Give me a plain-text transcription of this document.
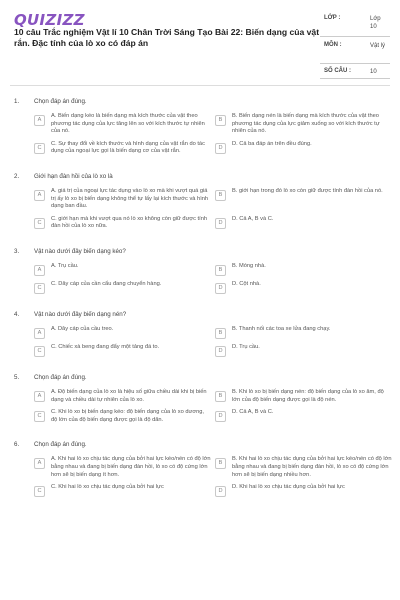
QUIZIZZ
10 câu Trắc nghiệm Vật lí 10 Chân Trời Sáng Tạo Bài 22: Biến dạng của vật rắn. Đặc tính của lò xo có đáp án
LỚP :	Lớp 10
MÔN :	Vật lý
SỐ CÂU :	10
1. Chọn đáp án đúng.
A
A. Biến dạng kéo là biến dạng mà kích thước của vật theo phương tác dụng của lực tăng lên so với kích thước tự nhiên của nó.
B
B. Biến dạng nén là biến dạng mà kích thước của vật theo phương tác dụng của lực giảm xuống so với kích thước tự nhiên của nó.
C
C. Sự thay đổi về kích thước và hình dạng của vật rắn do tác dụng của ngoại lực gọi là biến dạng cơ của vật rắn.
D
D. Cả ba đáp án trên đều đúng.
2. Giới hạn đàn hồi của lò xo là
A
A. giá trị của ngoại lực tác dụng vào lò xo mà khi vượt quá giá trị ấy lò xo bị biến dạng không thể tự lấy lại kích thước và hình dạng ban đầu.
B
B. giới hạn trong đó lò xo còn giữ được tính đàn hồi của nó.
C
C. giới hạn mà khi vượt qua nó lò xo không còn giữ được tính đàn hồi của lò xo nữa.
D
D. Cả A, B và C.
3. Vật nào dưới đây biến dạng kéo?
A
A. Trụ cầu.
B
B. Móng nhà.
C
C. Dây cáp của cần cẩu đang chuyển hàng.
D
D. Cột nhà.
4. Vật nào dưới đây biến dạng nén?
A
A. Dây cáp của cầu treo.
B
B. Thanh nối các toa xe lửa đang chạy.
C
C. Chiếc xà beng đang đẩy một tảng đá to.
D
D. Trụ cầu.
5. Chọn đáp án đúng.
A
A. Độ biến dạng của lò xo là hiệu số giữa chiều dài khi bị biến dạng và chiều dài tự nhiên của lò xo.
B
B. Khi lò xo bị biến dạng nén: độ biến dạng của lò xo âm, độ lớn của độ biến dạng được gọi là độ nén.
C
C. Khi lò xo bị biến dạng kéo: độ biến dạng của lò xo dương, độ lớn của độ biến dạng được gọi là độ dãn.
D
D. Cả A, B và C.
6. Chọn đáp án đúng.
A
A. Khi hai lò xo chịu tác dụng của bởi hai lực kéo/nén có độ lớn bằng nhau và đang bị biến dạng đàn hồi, lò xo có độ cứng lớn hơn sẽ bị biến dạng ít hơn.
B
B. Khi hai lò xo chịu tác dụng của bởi hai lực kéo/nén có độ lớn bằng nhau và đang bị biến dạng đàn hồi, lò xo có độ cứng lớn hơn sẽ bị biến dạng nhiều hơn.
C
C. Khi hai lò xo chịu tác dụng của bởi hai lực
D
D. Khi hai lò xo chịu tác dụng của bởi hai lực
